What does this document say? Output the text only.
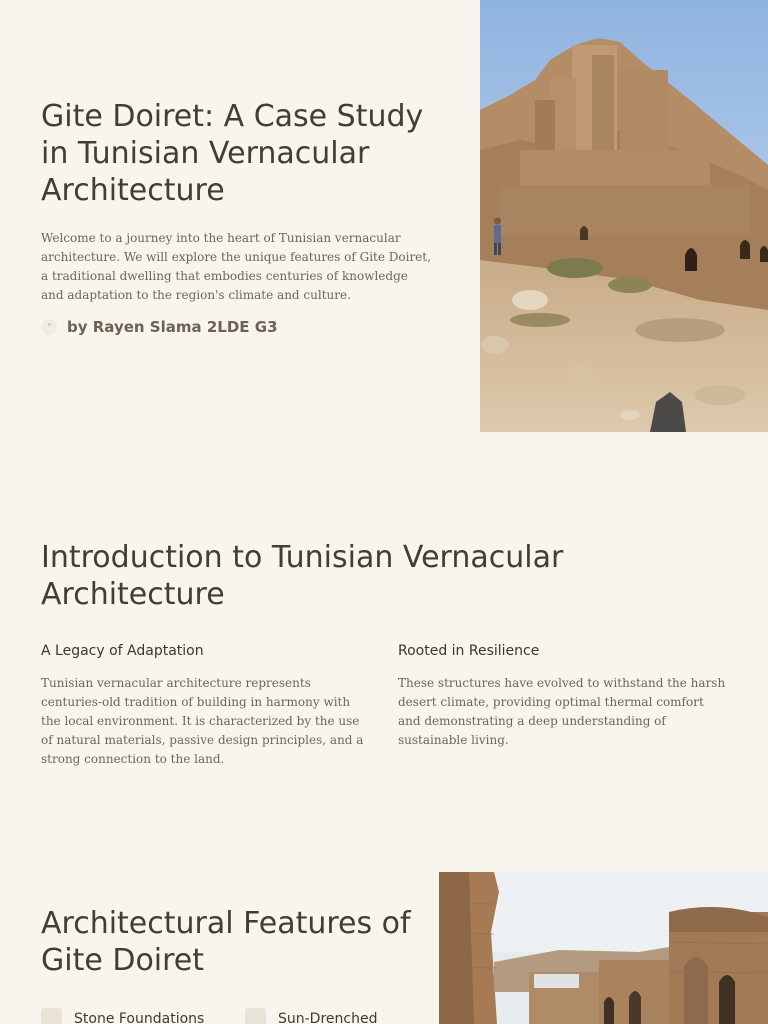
Gite Doiret: A Case Study in Tunisian Vernacular Architecture

Welcome to a journey into the heart of Tunisian vernacular architecture. We will explore the unique features of Gite Doiret, a traditional dwelling that embodies centuries of knowledge and adaptation to the region's climate and culture.

by Rayen Slama 2LDE G3
Introduction to Tunisian Vernacular Architecture
A Legacy of Adaptation

Tunisian vernacular architecture represents centuries-old tradition of building in harmony with the local environment. It is characterized by the use of natural materials, passive design principles, and a strong connection to the land.

Rooted in Resilience

These structures have evolved to withstand the harsh desert climate, providing optimal thermal comfort and demonstrating a deep understanding of sustainable living.

Architectural Features of Gite Doiret
Stone Foundations	Sun-Drenched
